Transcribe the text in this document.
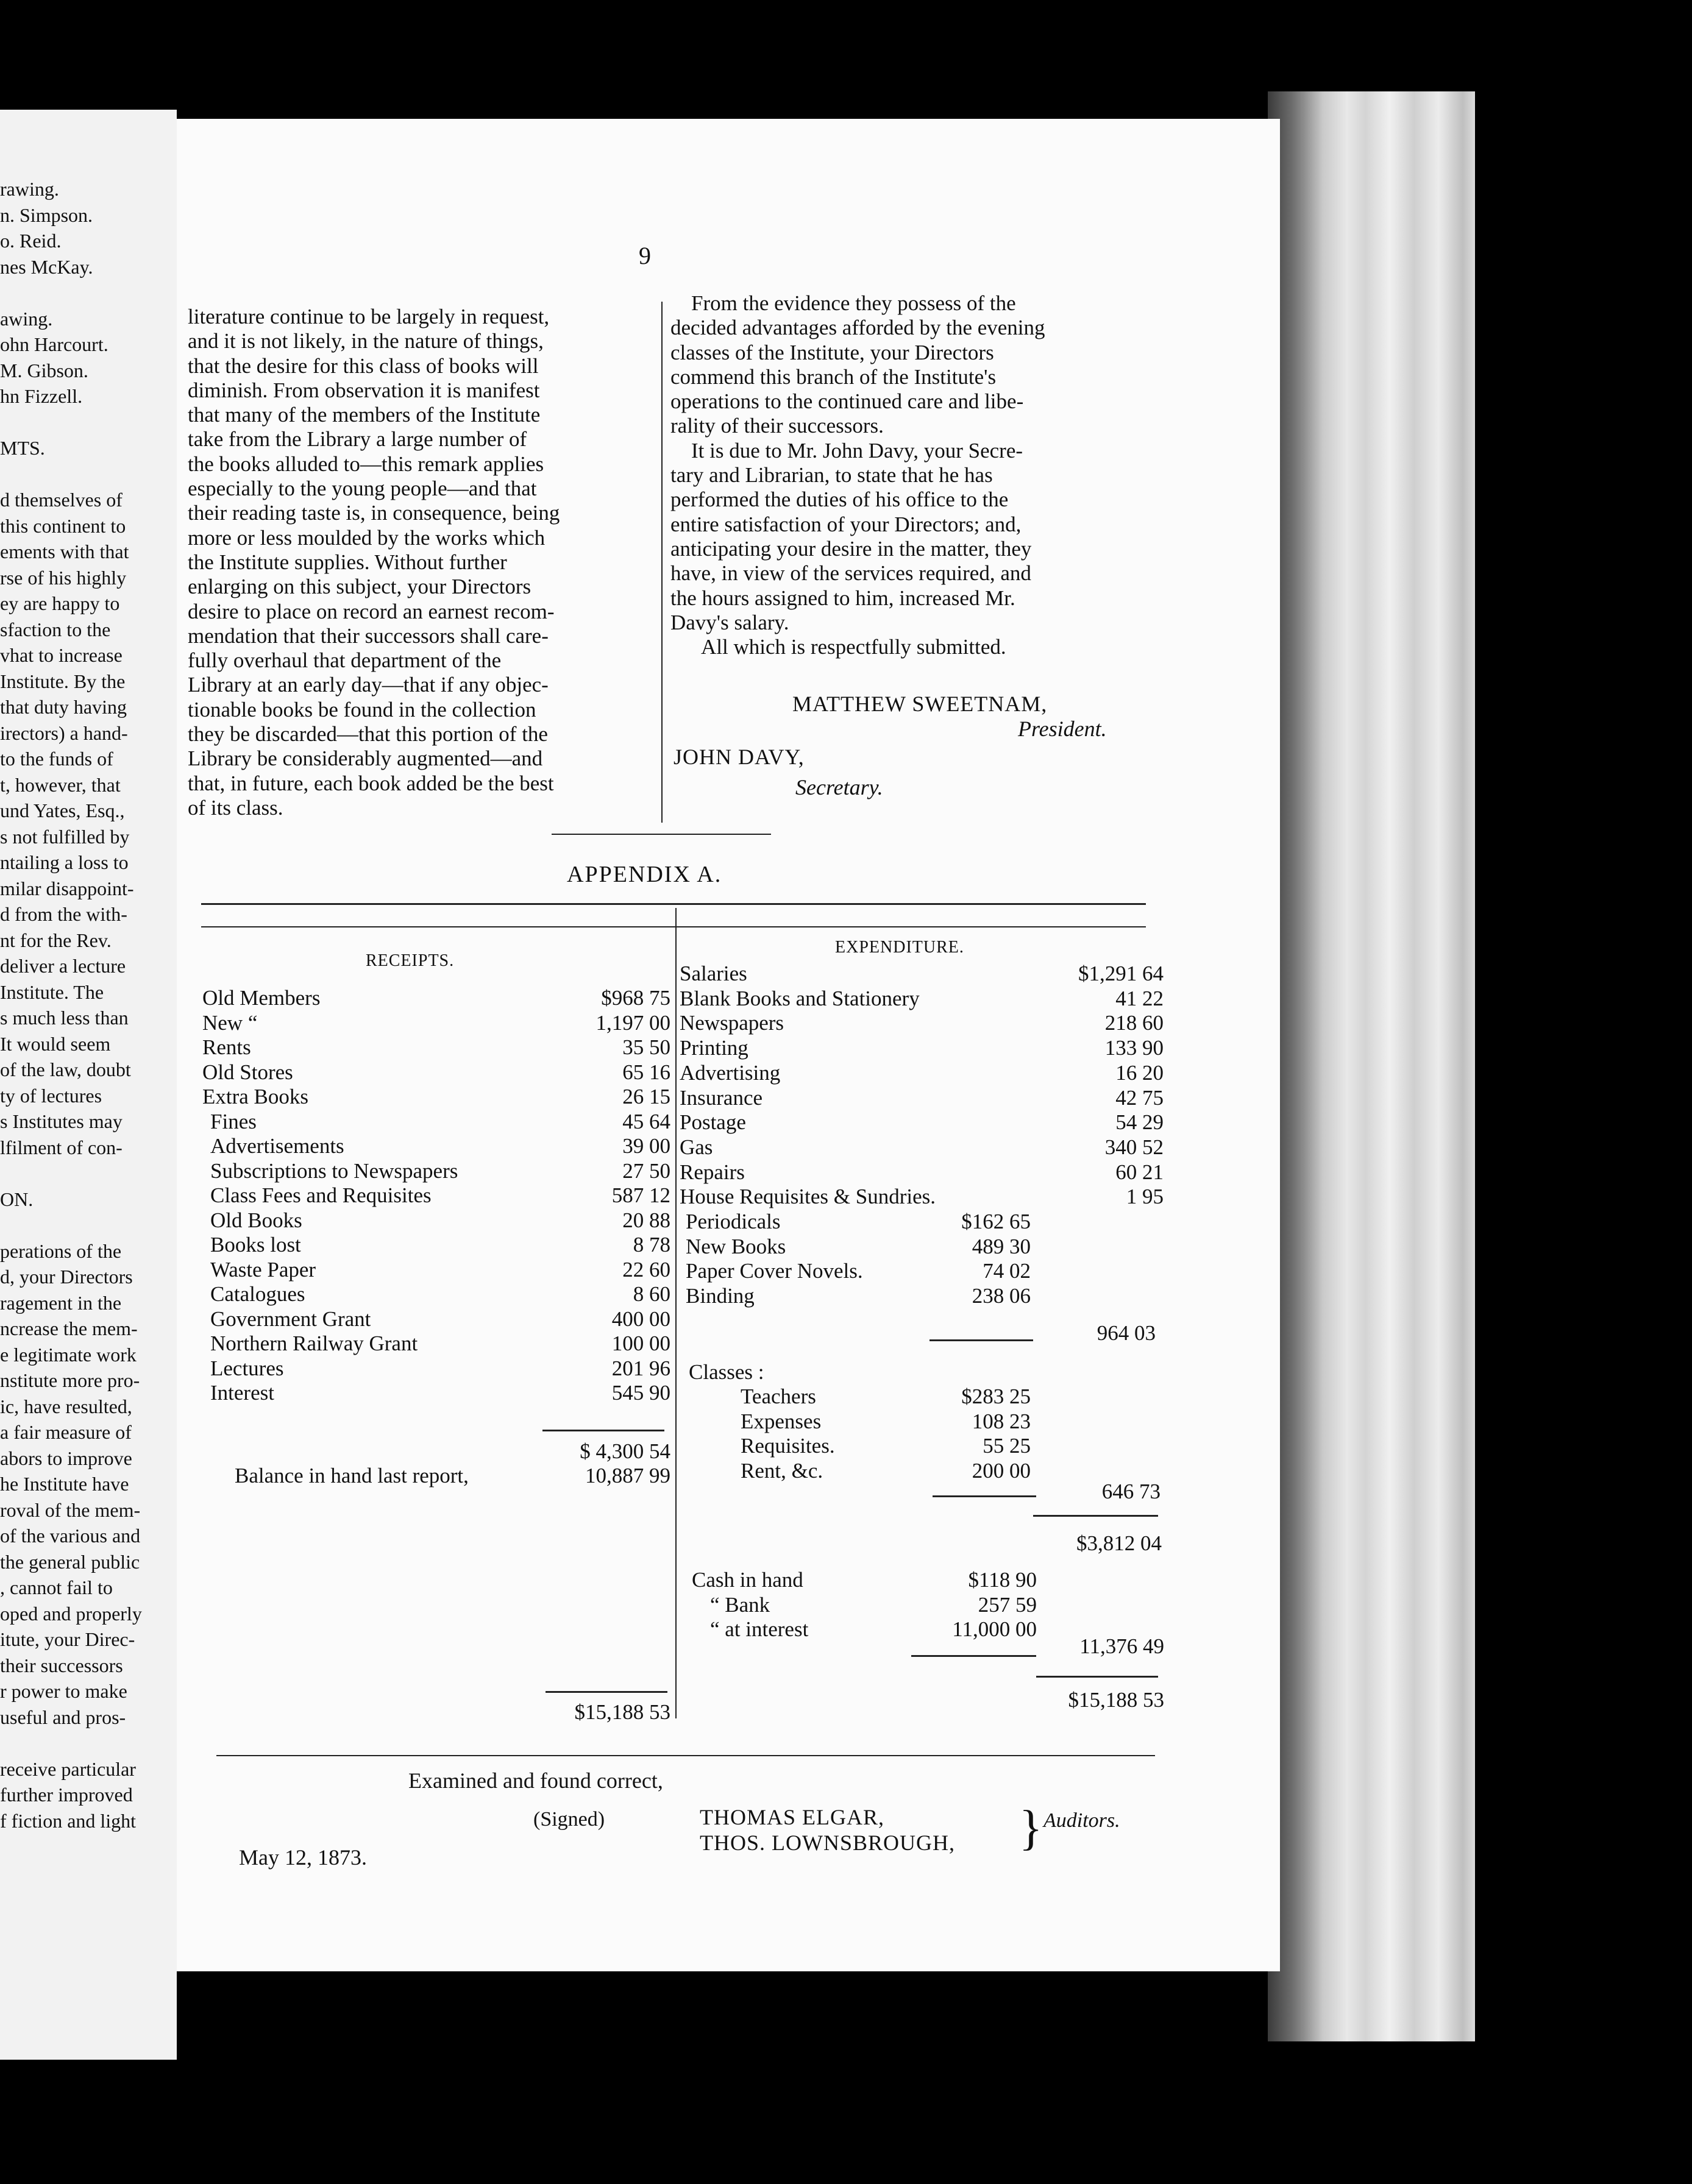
rawing.
n. Simpson.
o. Reid.
nes McKay.
awing.
ohn Harcourt.
M. Gibson.
hn Fizzell.
MTS.
d themselves of
this continent to
ements with that
rse of his highly
ey are happy to
sfaction to the
vhat to increase
Institute. By the
that duty having
irectors) a hand-
to the funds of
t, however, that
und Yates, Esq.,
s not fulfilled by
ntailing a loss to
milar disappoint-
d from the with-
nt for the Rev.
deliver a lecture
Institute. The
s much less than
It would seem
of the law, doubt
ty of lectures
s Institutes may
lfilment of con-
ON.
perations of the
d, your Directors
ragement in the
ncrease the mem-
e legitimate work
nstitute more pro-
ic, have resulted,
a fair measure of
abors to improve
he Institute have
roval of the mem-
of the various and
the general public
, cannot fail to
oped and properly
itute, your Direc-
their successors
r power to make
useful and pros-
receive particular
further improved
f fiction and light
9
literature continue to be largely in request,
and it is not likely, in the nature of things,
that the desire for this class of books will
diminish. From observation it is manifest
that many of the members of the Institute
take from the Library a large number of
the books alluded to—this remark applies
especially to the young people—and that
their reading taste is, in consequence, being
more or less moulded by the works which
the Institute supplies. Without further
enlarging on this subject, your Directors
desire to place on record an earnest recom-
mendation that their successors shall care-
fully overhaul that department of the
Library at an early day—that if any objec-
tionable books be found in the collection
they be discarded—that this portion of the
Library be considerably augmented—and
that, in future, each book added be the best
of its class.
From the evidence they possess of the
decided advantages afforded by the evening
classes of the Institute, your Directors
commend this branch of the Institute's
operations to the continued care and libe-
rality of their successors.
It is due to Mr. John Davy, your Secre-
tary and Librarian, to state that he has
performed the duties of his office to the
entire satisfaction of your Directors; and,
anticipating your desire in the matter, they
have, in view of the services required, and
the hours assigned to him, increased Mr.
Davy's salary.
All which is respectfully submitted.
MATTHEW SWEETNAM,
President.
JOHN DAVY,
Secretary.
APPENDIX A.
RECEIPTS.
EXPENDITURE.
Old Members	$968 75
New “	1,197 00
Rents	35 50
Old Stores	65 16
Extra Books	26 15
Fines	45 64
Advertisements	39 00
Subscriptions to Newspapers	27 50
Class Fees and Requisites	587 12
Old Books	20 88
Books lost	8 78
Waste Paper	22 60
Catalogues	8 60
Government Grant	400 00
Northern Railway Grant	100 00
Lectures	201 96
Interest	545 90
$ 4,300 54
Balance in hand last report,	10,887 99
$15,188 53
Salaries	$1,291 64
Blank Books and Stationery	41 22
Newspapers	218 60
Printing	133 90
Advertising	16 20
Insurance	42 75
Postage	54 29
Gas	340 52
Repairs	60 21
House Requisites & Sundries.	1 95
Periodicals	$162 65
New Books	489 30
Paper Cover Novels.	74 02
Binding	238 06
964 03
Classes :
Teachers	$283 25
Expenses	108 23
Requisites.	55 25
Rent, &c.	200 00
646 73
$3,812 04
Cash in hand	$118 90
“ Bank	257 59
“ at interest	11,000 00
11,376 49
$15,188 53
Examined and found correct,
(Signed)	THOMAS ELGAR,
THOS. LOWNSBROUGH, } Auditors.
May 12, 1873.
